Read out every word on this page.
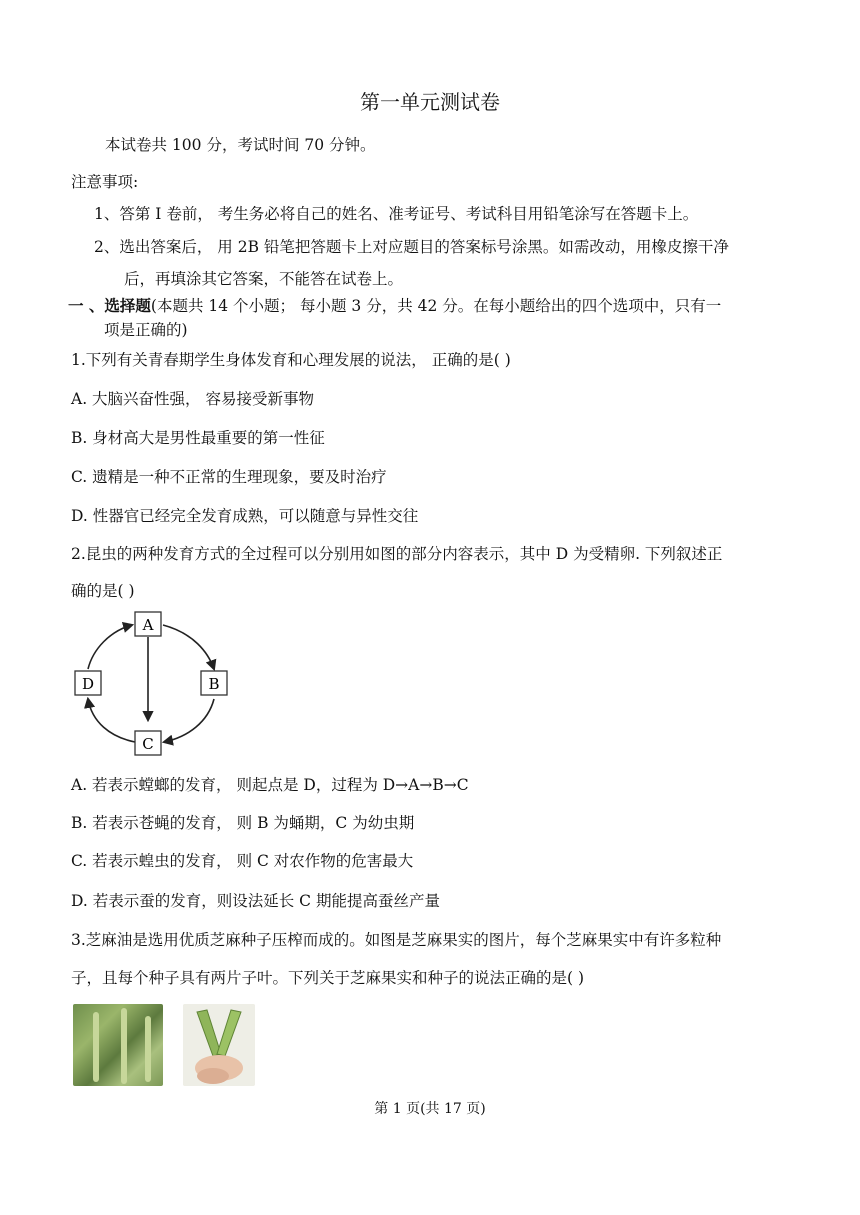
第一单元测试卷
本试卷共 100 分，考试时间 70 分钟。
注意事项:
1、答第 I 卷前， 考生务必将自己的姓名、准考证号、考试科目用铅笔涂写在答题卡上。
2、选出答案后， 用 2B 铅笔把答题卡上对应题目的答案标号涂黑。如需改动，用橡皮擦干净
后，再填涂其它答案，不能答在试卷上。
一 、选择题(本题共 14 个小题； 每小题 3 分，共 42 分。在每小题给出的四个选项中，只有一
项是正确的)
1.下列有关青春期学生身体发育和心理发展的说法， 正确的是( )
A. 大脑兴奋性强， 容易接受新事物
B. 身材高大是男性最重要的第一性征
C. 遗精是一种不正常的生理现象，要及时治疗
D. 性器官已经完全发育成熟，可以随意与异性交往
2.昆虫的两种发育方式的全过程可以分别用如图的部分内容表示，其中 D 为受精卵. 下列叙述正
确的是( )
A
B
C
D
A. 若表示螳螂的发育， 则起点是 D，过程为 D→A→B→C
B. 若表示苍蝇的发育， 则 B 为蛹期，C 为幼虫期
C. 若表示蝗虫的发育， 则 C 对农作物的危害最大
D. 若表示蚕的发育，则设法延长 C 期能提高蚕丝产量
3.芝麻油是选用优质芝麻种子压榨而成的。如图是芝麻果实的图片，每个芝麻果实中有许多粒种
子，且每个种子具有两片子叶。下列关于芝麻果实和种子的说法正确的是( )
第 1 页(共 17 页)
